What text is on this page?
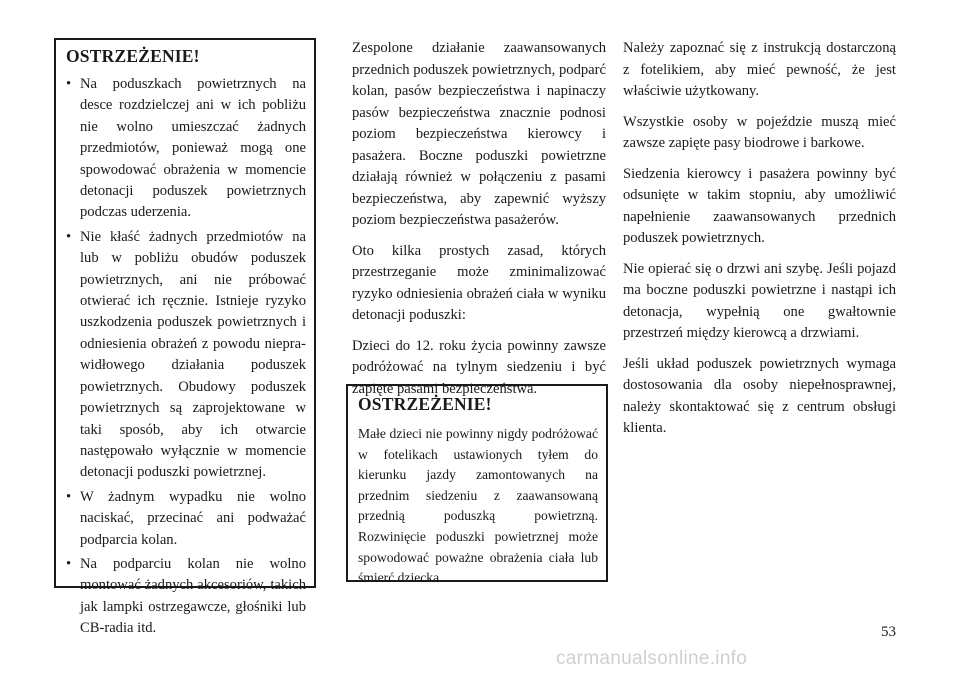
OSTRZEŻENIE!
• Na poduszkach powietrznych na desce rozdzielczej ani w ich pobliżu nie wolno umieszczać żadnych przedmiotów, ponieważ mogą one spowodować obrażenia w momencie detonacji poduszek powietrznych podczas uderzenia.
• Nie kłaść żadnych przedmiotów na lub w pobliżu obudów poduszek powietrznych, ani nie próbować otwierać ich ręcznie. Istnieje ryzyko uszkodzenia poduszek powietrznych i odniesienia obrażeń z powodu nieprawidłowego działania poduszek powietrznych. Obudowy poduszek powietrznych są zaprojektowane w taki sposób, aby ich otwarcie następowało wyłącznie w momencie detonacji poduszki powietrznej.
• W żadnym wypadku nie wolno naciskać, przecinać ani podważać podparcia kolan.
• Na podparciu kolan nie wolno montować żadnych akcesoriów, takich jak lampki ostrzegawcze, głośniki lub CB-radia itd.

Zespolone działanie zaawansowanych przednich poduszek powietrznych, podparć kolan, pasów bezpieczeństwa i napinaczy pasów bezpieczeństwa znacznie podnosi poziom bezpieczeństwa kierowcy i pasażera. Boczne poduszki powietrzne działają również w połączeniu z pasami bezpieczeństwa, aby zapewnić wyższy poziom bezpieczeństwa pasażerów.

Oto kilka prostych zasad, których przestrzeganie może zminimalizować ryzyko odniesienia obrażeń ciała w wyniku detonacji poduszki:

Dzieci do 12. roku życia powinny zawsze podróżować na tylnym siedzeniu i być zapięte pasami bezpieczeństwa.

OSTRZEŻENIE!
Małe dzieci nie powinny nigdy podróżować w fotelikach ustawionych tyłem do kierunku jazdy zamontowanych na przednim siedzeniu z zaawansowaną przednią poduszką powietrzną. Rozwinięcie poduszki powietrznej może spowodować poważne obrażenia ciała lub śmierć dziecka.

Należy zapoznać się z instrukcją dostarczoną z fotelikiem, aby mieć pewność, że jest właściwie użytkowany.

Wszystkie osoby w pojeździe muszą mieć zawsze zapięte pasy biodrowe i barkowe.

Siedzenia kierowcy i pasażera powinny być odsunięte w takim stopniu, aby umożliwić napełnienie zaawansowanych przednich poduszek powietrznych.

Nie opierać się o drzwi ani szybę. Jeśli pojazd ma boczne poduszki powietrzne i nastąpi ich detonacja, wypełnią one gwałtownie przestrzeń między kierowcą a drzwiami.

Jeśli układ poduszek powietrznych wymaga dostosowania dla osoby niepełnosprawnej, należy skontaktować się z centrum obsługi klienta.

53
carmanualsonline.info
